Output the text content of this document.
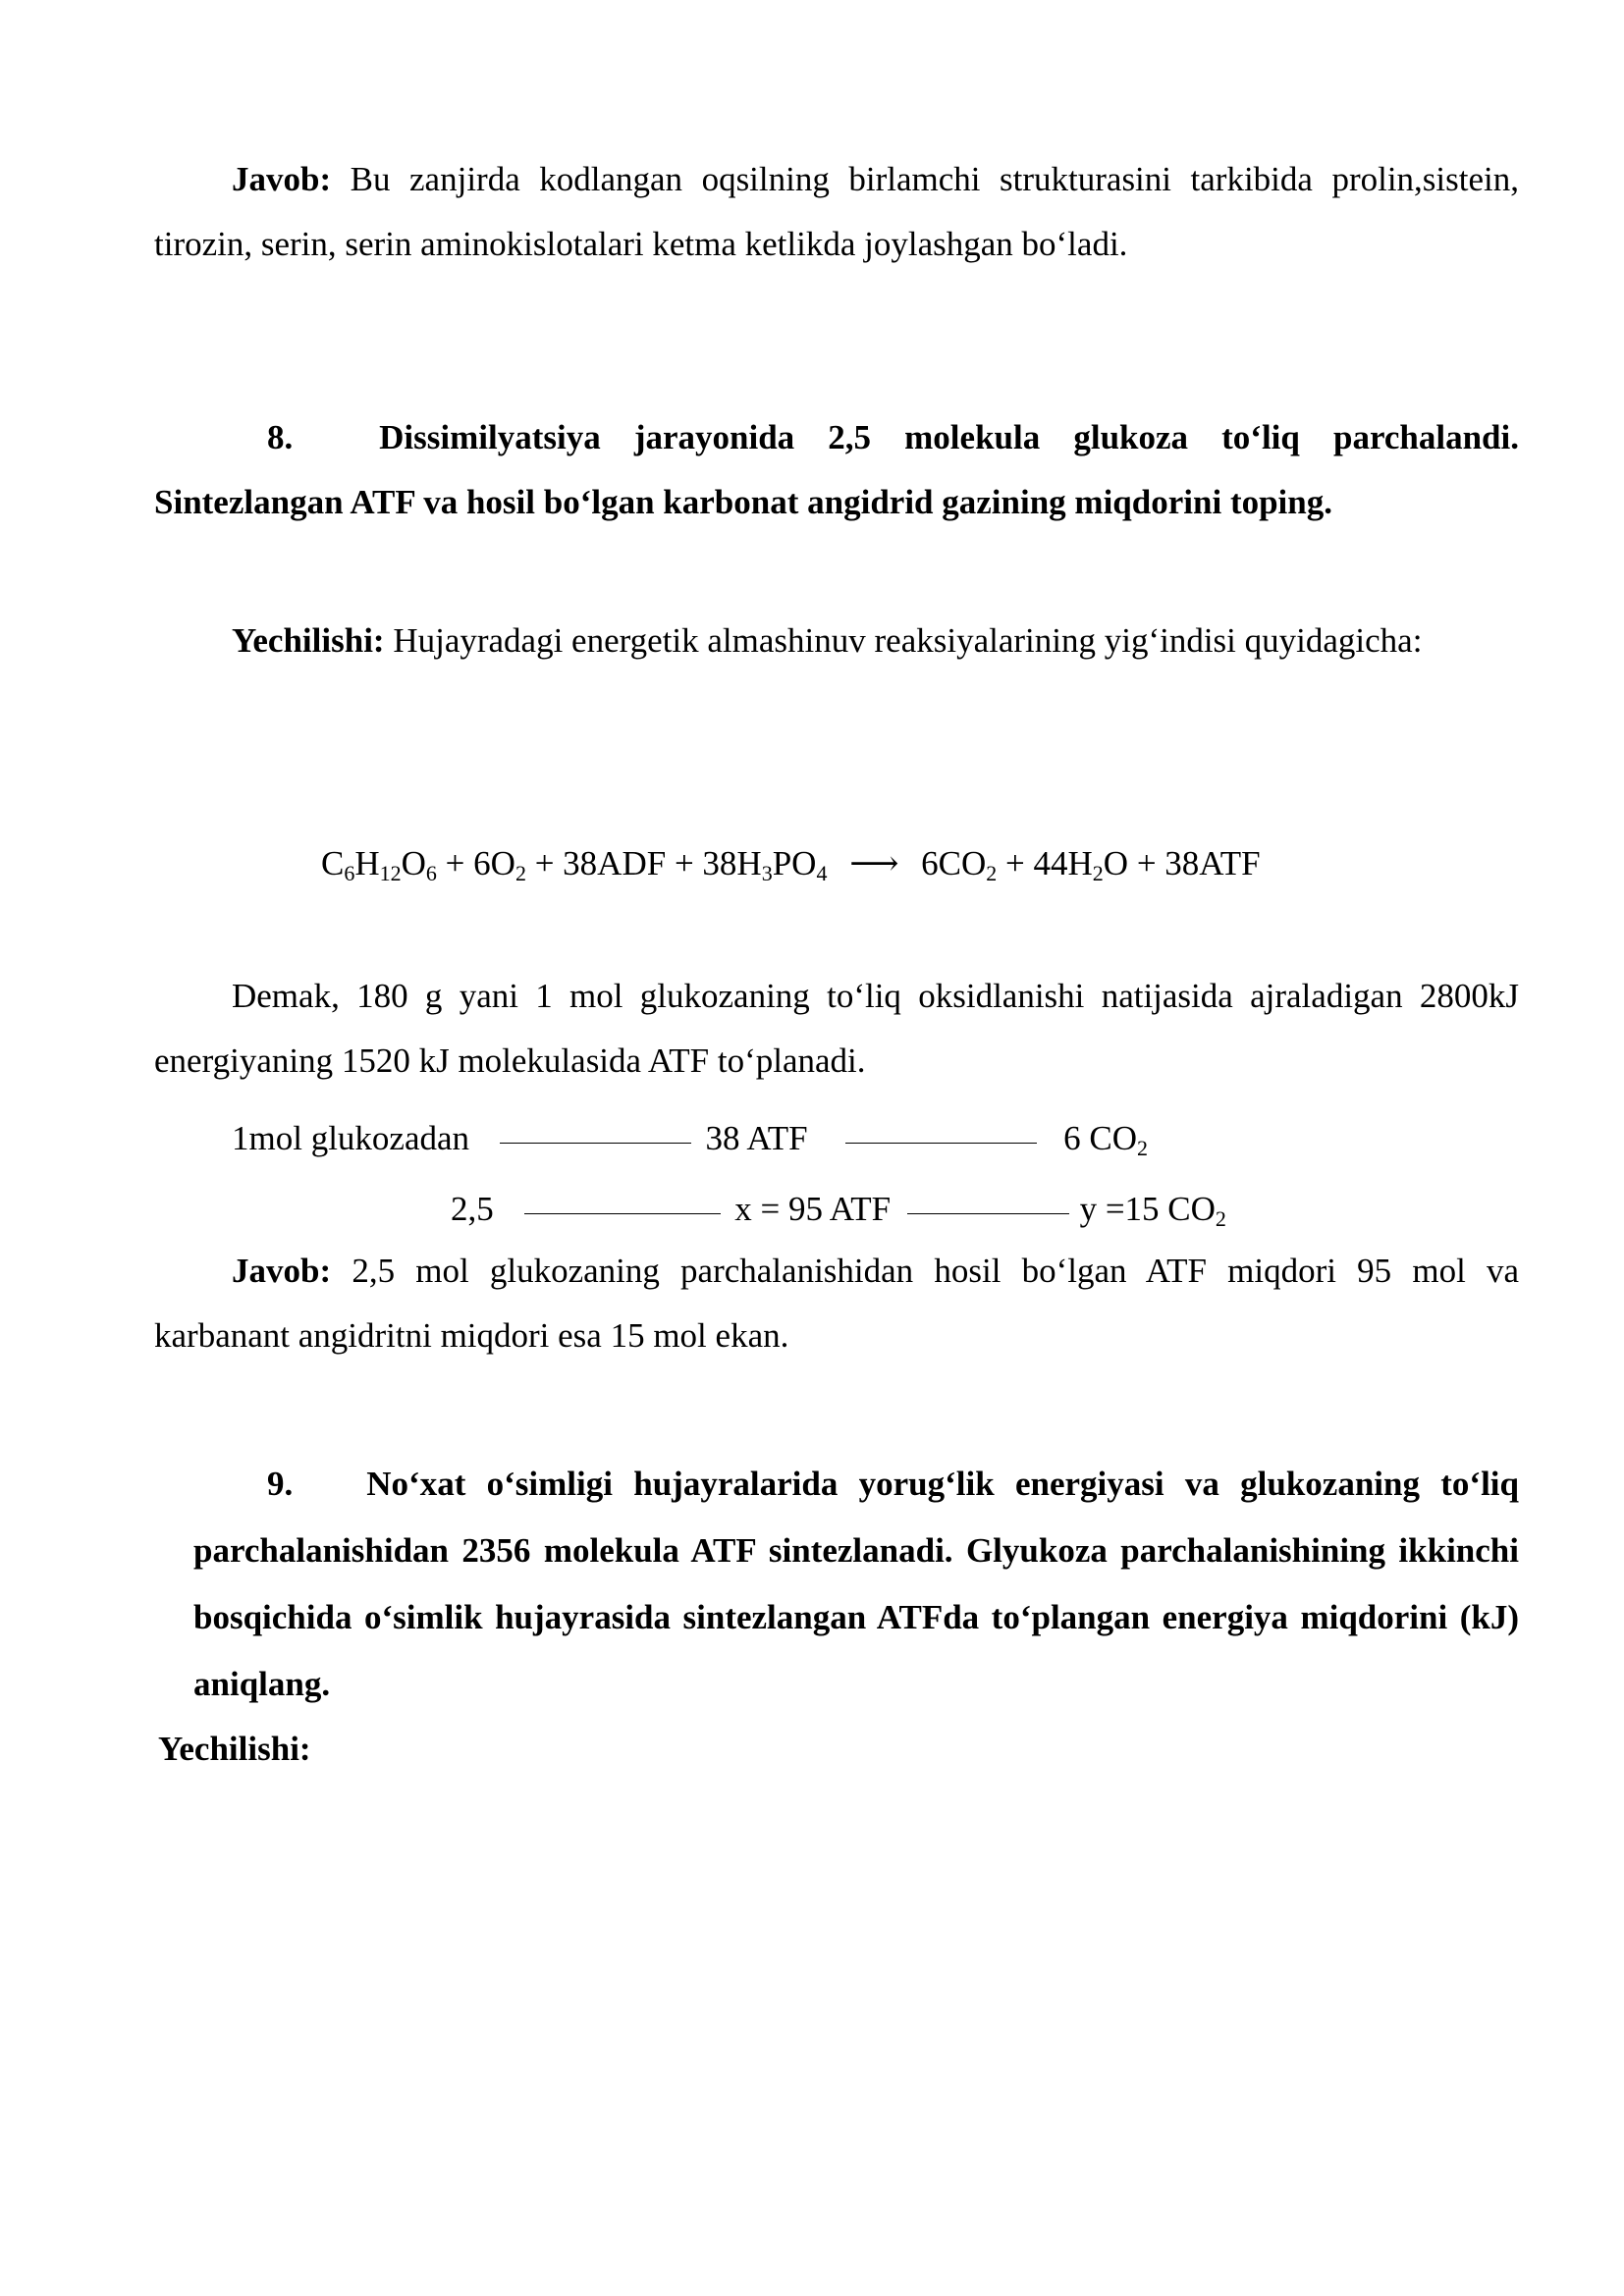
Javob: Bu zanjirda kodlangan oqsilning birlamchi strukturasini tarkibida prolin,sistein, tirozin, serin, serin aminokislotalari ketma ketlikda joylashgan bo‘ladi.
8.	Dissimilyatsiya jarayonida 2,5 molekula glukoza to‘liq parchalandi. Sintezlangan ATF va hosil bo‘lgan karbonat angidrid gazining miqdorini toping.
Yechilishi: Hujayradagi energetik almashinuv reaksiyalarining yig‘indisi quyidagicha:
$C_6H_{12}O_6 + 6O_2 + 38ADF + 38H_3PO_4$ ⟶ $6CO_2 + 44H_2O + 38ATF$
Demak, 180 g yani 1 mol glukozaning to‘liq oksidlanishi natijasida ajraladigan 2800kJ energiyaning 1520 kJ molekulasida ATF to‘planadi.
1mol glukozadan	38 ATF	6 $CO_2$
2,5	x = 95 ATF	y =15 $CO_2$
Javob: 2,5 mol glukozaning parchalanishidan hosil bo‘lgan ATF miqdori 95 mol va karbanant angidritni miqdori esa 15 mol ekan.
9. No‘xat o‘simligi hujayralarida yorug‘lik energiyasi va glukozaning to‘liq parchalanishidan 2356 molekula ATF sintezlanadi. Glyukoza parchalanishining ikkinchi bosqichida o‘simlik hujayrasida sintezlangan ATFda to‘plangan energiya miqdorini (kJ) aniqlang.
Yechilishi:
